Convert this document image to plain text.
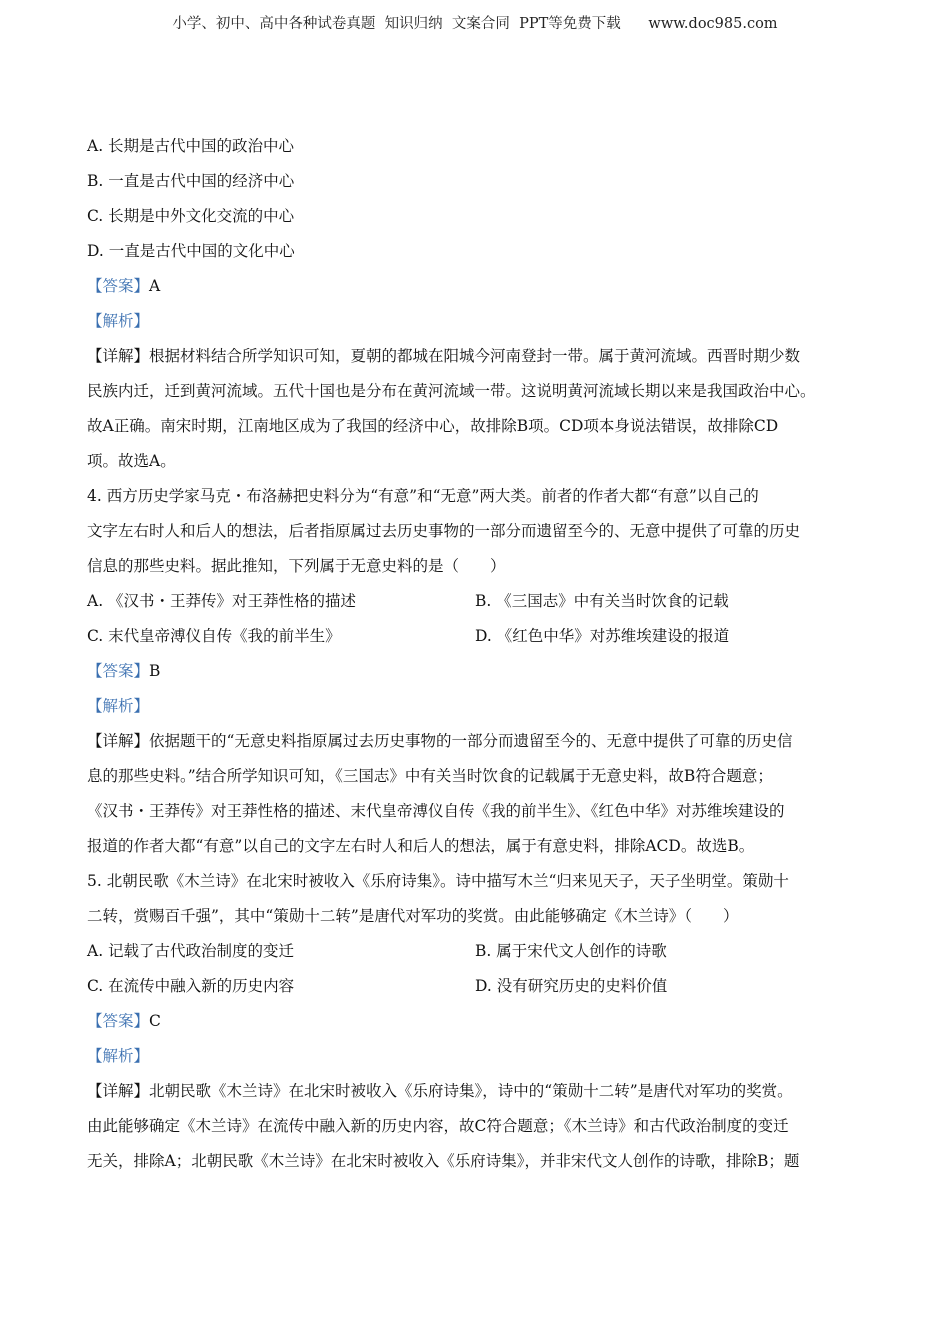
小学、初中、高中各种试卷真题  知识归纳  文案合同  PPT等免费下载      www.doc985.com
A. 长期是古代中国的政治中心
B. 一直是古代中国的经济中心
C. 长期是中外文化交流的中心
D. 一直是古代中国的文化中心
【答案】A
【解析】
【详解】根据材料结合所学知识可知，夏朝的都城在阳城今河南登封一带。属于黄河流域。西晋时期少数
民族内迁，迁到黄河流域。五代十国也是分布在黄河流域一带。这说明黄河流域长期以来是我国政治中心。
故A正确。南宋时期，江南地区成为了我国的经济中心，故排除B项。CD项本身说法错误，故排除CD
项。故选A。
4. 西方历史学家马克・布洛赫把史料分为“有意”和“无意”两大类。前者的作者大都“有意”以自己的
文字左右时人和后人的想法，后者指原属过去历史事物的一部分而遗留至今的、无意中提供了可靠的历史
信息的那些史料。据此推知，下列属于无意史料的是（　　）
A. 《汉书・王莽传》对王莽性格的描述	B. 《三国志》中有关当时饮食的记载
C. 末代皇帝溥仪自传《我的前半生》	D. 《红色中华》对苏维埃建设的报道
【答案】B
【解析】
【详解】依据题干的“无意史料指原属过去历史事物的一部分而遗留至今的、无意中提供了可靠的历史信
息的那些史料。”结合所学知识可知，《三国志》中有关当时饮食的记载属于无意史料，故B符合题意；
《汉书・王莽传》对王莽性格的描述、末代皇帝溥仪自传《我的前半生》、《红色中华》对苏维埃建设的
报道的作者大都“有意”以自己的文字左右时人和后人的想法，属于有意史料，排除ACD。故选B。
5. 北朝民歌《木兰诗》在北宋时被收入《乐府诗集》。诗中描写木兰“归来见天子，天子坐明堂。策勋十
二转，赏赐百千强”，其中“策勋十二转”是唐代对军功的奖赏。由此能够确定《木兰诗》（　　）
A. 记载了古代政治制度的变迁	B. 属于宋代文人创作的诗歌
C. 在流传中融入新的历史内容	D. 没有研究历史的史料价值
【答案】C
【解析】
【详解】北朝民歌《木兰诗》在北宋时被收入《乐府诗集》，诗中的“策勋十二转”是唐代对军功的奖赏。
由此能够确定《木兰诗》在流传中融入新的历史内容，故C符合题意；《木兰诗》和古代政治制度的变迁
无关，排除A；北朝民歌《木兰诗》在北宋时被收入《乐府诗集》，并非宋代文人创作的诗歌，排除B；题
